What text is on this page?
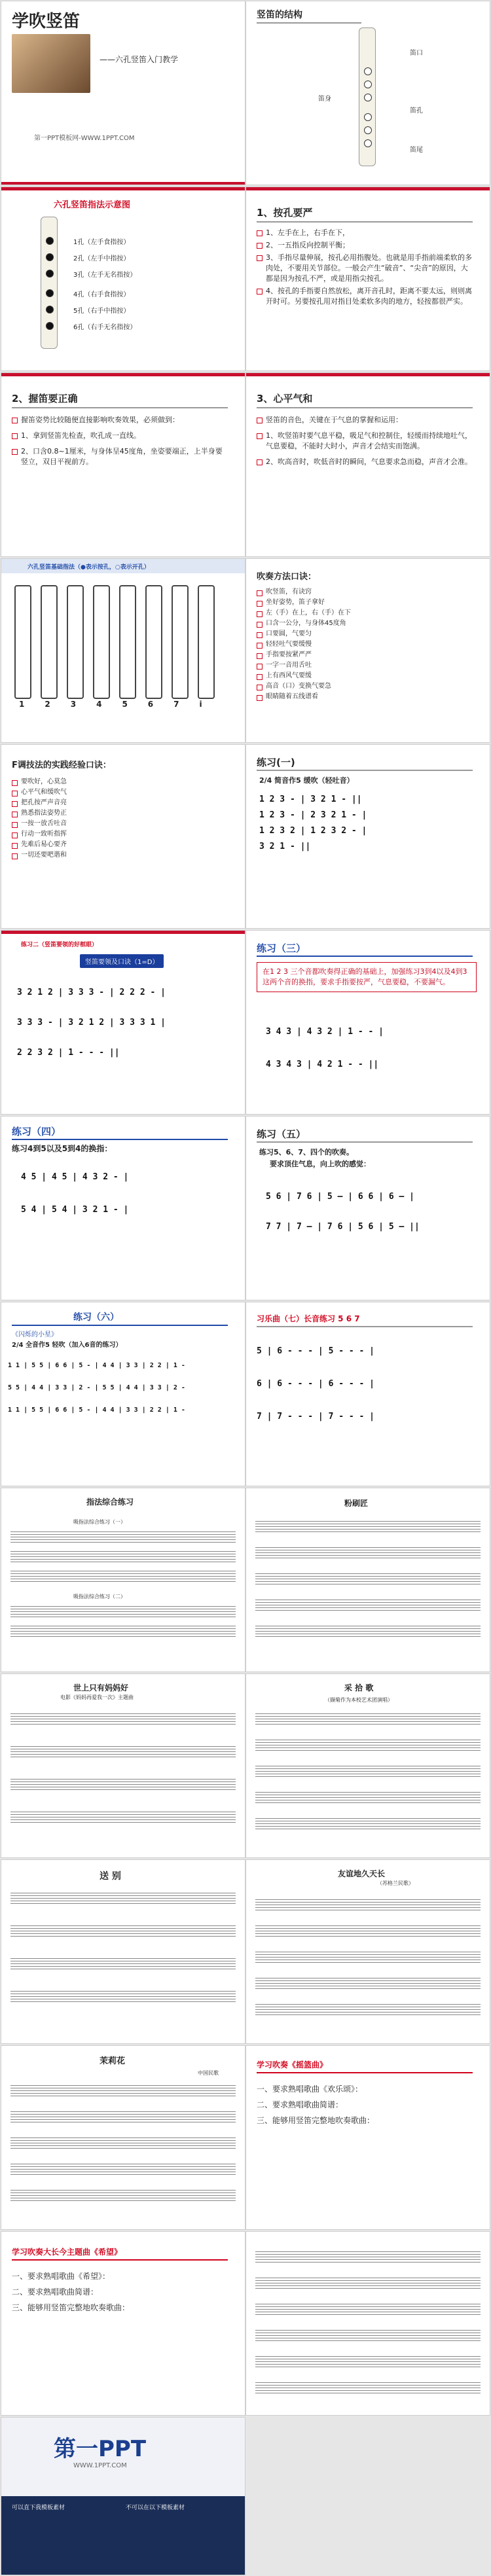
学吹竖笛
——六孔竖笛入门教学
第一PPT模板网-WWW.1PPT.COM
竖笛的结构
笛口
笛身
笛孔
笛尾
六孔竖笛指法示意图
1孔（左手食指按）
2孔（左手中指按）
3孔（左手无名指按）
4孔（右手食指按）
5孔（右手中指按）
6孔（右手无名指按）
1、按孔要严
1、左手在上，右手在下，
2、一五指反向控制平衡；
3、手指尽量伸展，按孔必用指腹处。也就是用手指前端柔软的多肉处，不要用关节部位。一般会产生“破音”、“尖音”的原因，大都是因为按孔不严，或是用指尖按孔。
4、按孔的手指要自然放松，离开音孔时，距离不要太远，则则离开时可。另要按孔用对指目处柔软多肉的地方，轻按都很严实。
2、握笛要正确
握笛姿势比较随便直接影响吹奏效果，必须做到：
1、拿到竖笛先检查，吹孔成一直线。
2、口含0.8~1厘米，与身体呈45度角，坐姿要端正，上半身要竖立，双目平视前方。
3、心平气和
竖笛的音色，关键在于气息的掌握和运用：
1、吹竖笛时要气息平稳，吸足气和控制住，轻缓而持续地吐气，气息要稳，不能时大时小，声音才会结实而饱满。
2、吹高音时，吹低音时的瞬间，气息要求急而稳，声音才会准。
六孔竖笛基础指法（●表示按孔，○表示开孔）
1234567i
吹奏方法口诀：
吹竖笛，有诀窍
坐好姿势，笛子拿好
左（手）在上，右（手）在下
口含一公分，与身体45度角
口要圆，气要匀
轻轻吐气要缓慢
手指要按紧严严
一字一音用舌吐
上有西风气要缓
高音（口）变换气要急
眼睛随着五线谱看
F调技法的实践经验口诀：
要吹好，心莫急
心平气和缓吹气
把孔按严声音亮
熟悉指法姿势正
一按一放舌吐音
行动一致听指挥
先难后易心要齐
一切还要吧谐和
练习(一)
2/4 简音作5 缓吹（轻吐音）
1 2 3 - | 3 2 1 - ||
1 2 3 - | 2 3 2 1 - |
1 2 3 2 | 1 2 3 2 - |
3 2 1 - ||
练习二（竖笛要领的好框眼）
竖笛要领及口诀（1=D）
3 2 1 2 | 3 3 3 - | 2 2 2 - |
3 3 3 - | 3 2 1 2 | 3 3 3 1 |
2 2 3 2 | 1 - - - ||
练习（三）
在1 2 3 三个音都吹奏得正确的基础上，加强练习3到4以及4到3这两个音的换指，要求手指要按严，气息要稳，不要漏气。
3 4 3 | 4 3 2 | 1 - - |
4 3 4 3 | 4 2 1 - - ||
练习（四）
练习4到5以及5到4的换指：
4 5 | 4 5 | 4 3 2 - |
5 4 | 5 4 | 3 2 1 - |
练习（五）
练习5、6、7、四个的吹奏。
要求顶住气息，向上吹的感觉：
5 6 | 7 6 | 5 — | 6 6 | 6 — |
7 7 | 7 — | 7 6 | 5 6 | 5 — ||
练习（六）
《闪烁的小星》
2/4 全音作5 轻吹（加入6音的练习）
1 1 | 5 5 | 6 6 | 5 - | 4 4 | 3 3 | 2 2 | 1 -
5 5 | 4 4 | 3 3 | 2 - | 5 5 | 4 4 | 3 3 | 2 -
1 1 | 5 5 | 6 6 | 5 - | 4 4 | 3 3 | 2 2 | 1 -
习乐曲（七）长音练习 5 6 7
5 | 6 - - - | 5 - - - |
6 | 6 - - - | 6 - - - |
7 | 7 - - - | 7 - - - |
指法综合练习
吸指法综合练习（一）
吸指法综合练习（二）
粉刷匠
世上只有妈妈好
电影《妈妈再爱我一次》主题曲
采 拾 歌
（撷菊作为本校艺术团演唱）
送 别	友谊地久天长
（苏格兰民歌）
茉莉花
中国民歌
学习吹奏《摇篮曲》
一、要求熟唱歌曲《欢乐颂》：
二、要求熟唱歌曲简谱：
三、能够用竖笛完整地吹奏歌曲：
学习吹奏大长今主题曲《希望》
一、要求熟唱歌曲《希望》：
二、要求熟唱歌曲简谱：
三、能够用竖笛完整地吹奏歌曲：
第一PPT
WWW.1PPT.COM
可以直下我模板素材	不可以在以下模板素材
